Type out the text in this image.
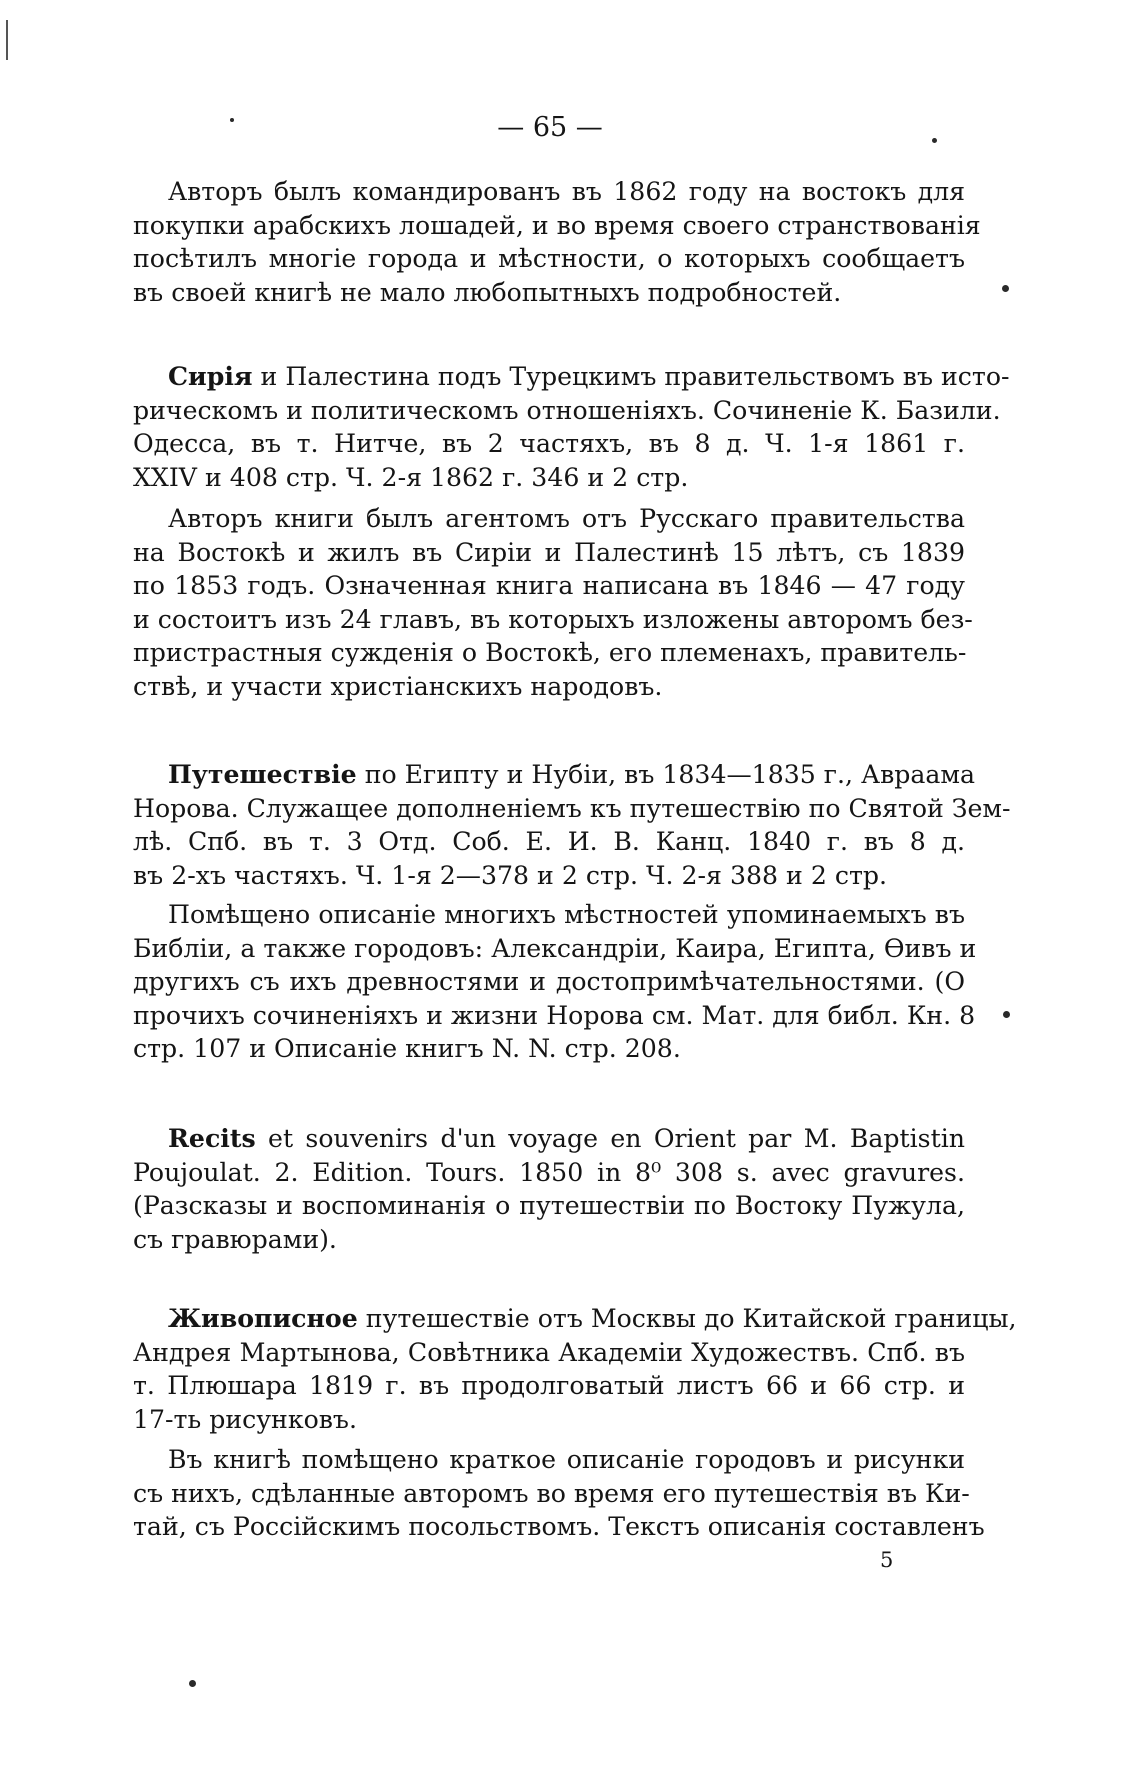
— 65 —
Авторъ былъ командированъ въ 1862 году на востокъ для
покупки арабскихъ лошадей, и во время своего странствованія
посѣтилъ многіе города и мѣстности, о которыхъ сообщаетъ
въ своей книгѣ не мало любопытныхъ подробностей.
Сирія и Палестина подъ Турецкимъ правительствомъ въ исто-
рическомъ и политическомъ отношеніяхъ. Сочиненіе К. Базили.
Одесса, въ т. Нитче, въ 2 частяхъ, въ 8 д. Ч. 1-я 1861 г.
XXIV и 408 стр. Ч. 2-я 1862 г. 346 и 2 стр.
Авторъ книги былъ агентомъ отъ Русскаго правительства
на Востокѣ и жилъ въ Сиріи и Палестинѣ 15 лѣтъ, съ 1839
по 1853 годъ. Означенная книга написана въ 1846 — 47 году
и состоитъ изъ 24 главъ, въ которыхъ изложены авторомъ без-
пристрастныя сужденія о Востокѣ, его племенахъ, правитель-
ствѣ, и участи христіанскихъ народовъ.
Путешествіе по Египту и Нубіи, въ 1834—1835 г., Авраама
Норова. Служащее дополненіемъ къ путешествію по Святой Зем-
лѣ. Спб. въ т. 3 Отд. Соб. Е. И. В. Канц. 1840 г. въ 8 д.
въ 2-хъ частяхъ. Ч. 1-я 2—378 и 2 стр. Ч. 2-я 388 и 2 стр.
Помѣщено описаніе многихъ мѣстностей упоминаемыхъ въ
Библіи, а также городовъ: Александріи, Каира, Египта, Ѳивъ и
другихъ съ ихъ древностями и достопримѣчательностями. (О
прочихъ сочиненіяхъ и жизни Норова см. Мат. для библ. Кн. 8
стр. 107 и Описаніе книгъ N. N. стр. 208.
Recits et souvenirs d'un voyage en Orient par M. Baptistin
Poujoulat. 2. Edition. Tours. 1850 in 8⁰ 308 s. avec gravures.
(Разсказы и воспоминанія о путешествіи по Востоку Пужула,
съ гравюрами).
Живописное путешествіе отъ Москвы до Китайской границы,
Андрея Мартынова, Совѣтника Академіи Художествъ. Спб. въ
т. Плюшара 1819 г. въ продолговатый листъ 66 и 66 стр. и
17-ть рисунковъ.
Въ книгѣ помѣщено краткое описаніе городовъ и рисунки
съ нихъ, сдѣланные авторомъ во время его путешествія въ Ки-
тай, съ Россійскимъ посольствомъ. Текстъ описанія составленъ
5
